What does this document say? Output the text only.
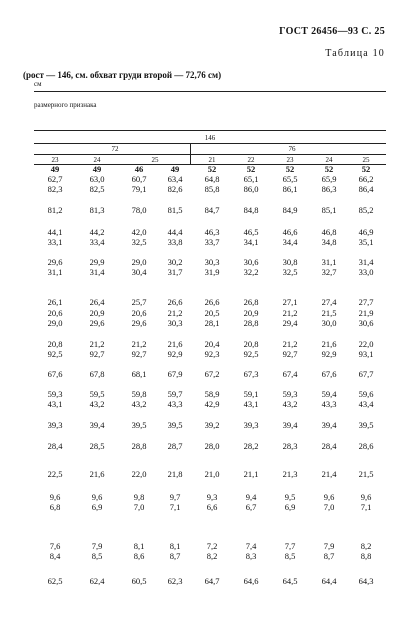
ГОСТ 26456—93 С. 25
Таблица 10
(рост — 146, см. обхват груди второй — 72,76 см)
см
размерного признака
146
72	76
23	24	25	21	22	23	24	25
49	49	46	49	52	52	52	52	52
62,7	63,0	60,7 63,4	64,8	65,1	65,5	65,9	66,2
82,3	82,5	79,1 82,6	85,8	86,0	86,1	86,3	86,4
81,2	81,3	78,0 81,5	84,7	84,8	84,9	85,1	85,2
44,1	44,2	42,0 44,4	46,3	46,5	46,6	46,8	46,9
33,1	33,4	32,5 33,8	33,7	34,1	34,4	34,8	35,1
29,6	29,9	29,0 30,2	30,3	30,6	30,8	31,1	31,4
31,1	31,4	30,4 31,7	31,9	32,2	32,5	32,7	33,0
26,1	26,4	25,7 26,6	26,6	26,8	27,1	27,4	27,7
20,6	20,9	20,6 21,2	20,5	20,9	21,2	21,5	21,9
29,0	29,6	29,6 30,3	28,1	28,8	29,4	30,0	30,6
20,8	21,2	21,2 21,6	20,4	20,8	21,2	21,6	22,0
92,5	92,7	92,7 92,9	92,3	92,5	92,7	92,9	93,1
67,6	67,8	68,1 67,9	67,2	67,3	67,4	67,6	67,7
59,3	59,5	59,8 59,7	58,9	59,1	59,3	59,4	59,6
43,1	43,2	43,2 43,3	42,9	43,1	43,2	43,3	43,4
39,3	39,4	39,5 39,5	39,2	39,3	39,4	39,4	39,5
28,4	28,5	28,8 28,7	28,0	28,2	28,3	28,4	28,6
22,5	21,6	22,0 21,8	21,0	21,1	21,3	21,4	21,5
9,6	9,6	9,8	9,7	9,3	9,4	9,5	9,6	9,6
6,8	6,9	7,0	7,1	6,6	6,7	6,9	7,0	7,1
7,6	7,9	8,1	8,1	7,2	7,4	7,7	7,9	8,2
8,4	8,5	8,6	8,7	8,2	8,3	8,5	8,7	8,8
62,5	62,4	60,5 62,3	64,7	64,6	64,5	64,4	64,3
